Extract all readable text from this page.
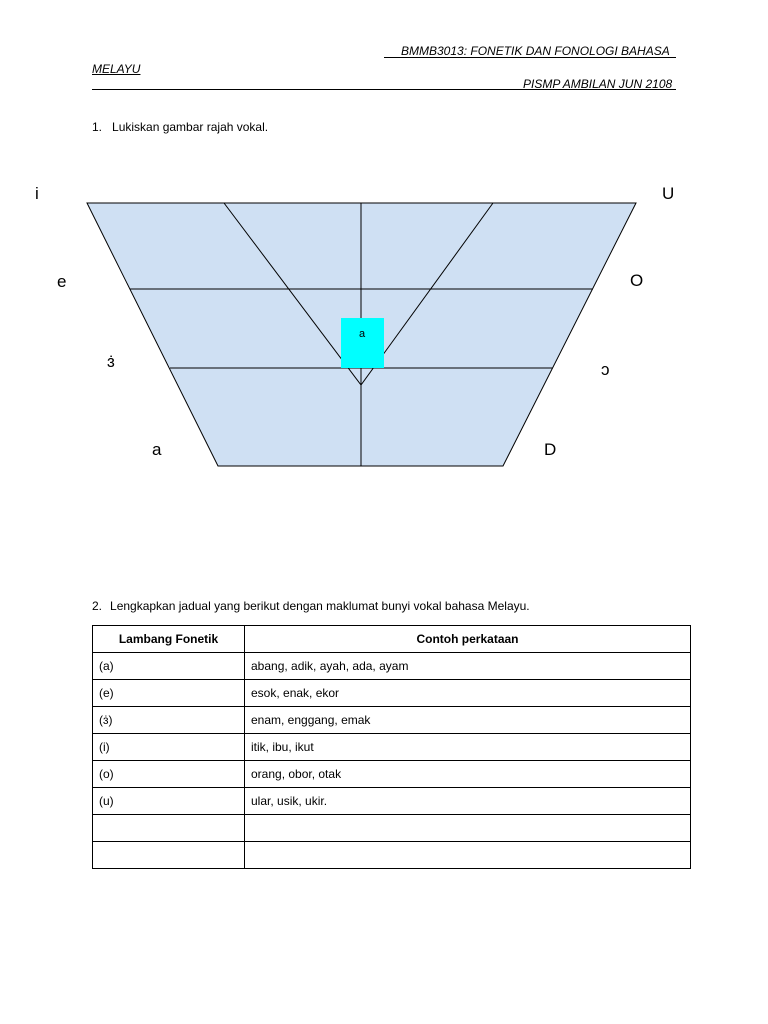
BMMB3013: FONETIK DAN FONOLOGI BAHASA
MELAYU
PISMP AMBILAN JUN 2108
1. Lukiskan gambar rajah vokal.
a
i
e
ɜ̇
a
U
O
ɔ
D
2. Lengkapkan jadual yang berikut dengan maklumat bunyi vokal bahasa Melayu.
Lambang Fonetik	Contoh perkataan
(a)	abang, adik, ayah, ada, ayam
(e)	esok, enak, ekor
(ɜ̇)	enam, enggang, emak
(i)	itik, ibu, ikut
(o)	orang, obor, otak
(u)	ular, usik, ukir.
